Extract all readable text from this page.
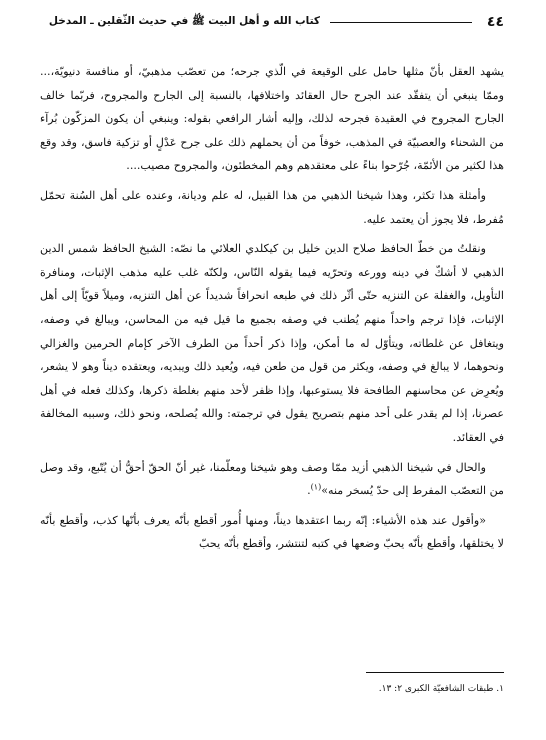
٤٤
كتاب الله و أهل البيت ﷺ في حديث الثّقلين ـ المدخل

يشهد العقل بأنّ مثلها حامل على الوقيعة في الّذي جرحه؛ من تعصّب مذهبيّ، أو منافسة دنيويّة،... وممّا ينبغي أن يتفقّد عند الجرح حال العقائد واختلافها، بالنسبة إلى الجارح والمجروح، فربّما خالف الجارح المجروح في العقيدة فجرحه لذلك، وإليه أشار الرافعي بقوله: وينبغي أن يكون المزكّون بُرآء من الشحناء والعصبيّة في المذهب، خوفاً من أن يحملهم ذلك على جرح عَدْلٍ أو تزكية فاسق، وقد وقع هذا لكثير من الأئمّة، جُرّحوا بناءً على معتقدهم وهم المخطئون، والمجروح مصيب....

وأمثلة هذا تكثر، وهذا شيخنا الذهبي من هذا القبيل، له علم وديانة، وعنده على أهل السُنة تحمّل مُفرط، فلا يجوز أن يعتمد عليه.

ونقلتُ من خطّ الحافظ صلاح الدين خليل بن كيكلدي العلائي ما نصّه: الشيخ الحافظ شمس الدين الذهبي لا أشكّ في دينه وورعه وتحرّيه فيما يقوله النّاس، ولكنّه غلب عليه مذهب الإثبات، ومنافرة التأويل، والغفلة عن التنزيه حتّى أثّر ذلك في طبعه انحرافاً شديداً عن أهل التنزيه، وميلاً قويّاً إلى أهل الإثبات، فإذا ترجم واحداً منهم يُطنب في وصفه بجميع ما قيل فيه من المحاسن، ويبالغ في وصفه، ويتغافل عن غلطاته، ويتأوّل له ما أمكن، وإذا ذكر أحداً من الطرف الآخر كإمام الحرمين والغزالي ونحوهما، لا يبالغ في وصفه، ويكثر من قول من طعن فيه، ويُعيد ذلك ويبديه، ويعتقده ديناً وهو لا يشعر، ويُعرِض عن محاسنهم الطافحة فلا يستوعبها، وإذا ظفر لأحد منهم بغلطة ذكرها، وكذلك فعله في أهل عصرنا، إذا لم يقدر على أحد منهم بتصريح يقول في ترجمته: والله يُصلحه، ونحو ذلك، وسببه المخالفة في العقائد.

والحال في شيخنا الذهبي أزيد ممّا وصف وهو شيخنا ومعلّمنا، غير أنّ الحقّ أحقُّ أن يُتّبع، وقد وصل من التعصّب المفرط إلى حدّ يُسخر منه»$^{(١)}$.

«وأقول عند هذه الأشياء: إنّه ربما اعتقدها ديناً، ومنها أُمور أقطع بأنّه يعرف بأنّها كذب، وأقطع بأنّه لا يختلقها، وأقطع بأنّه يحبّ وضعها في كتبه لتنتشر، وأقطع بأنّه يحبّ

١. طبقات الشافعيّة الكبرى ٢: ١٣.
